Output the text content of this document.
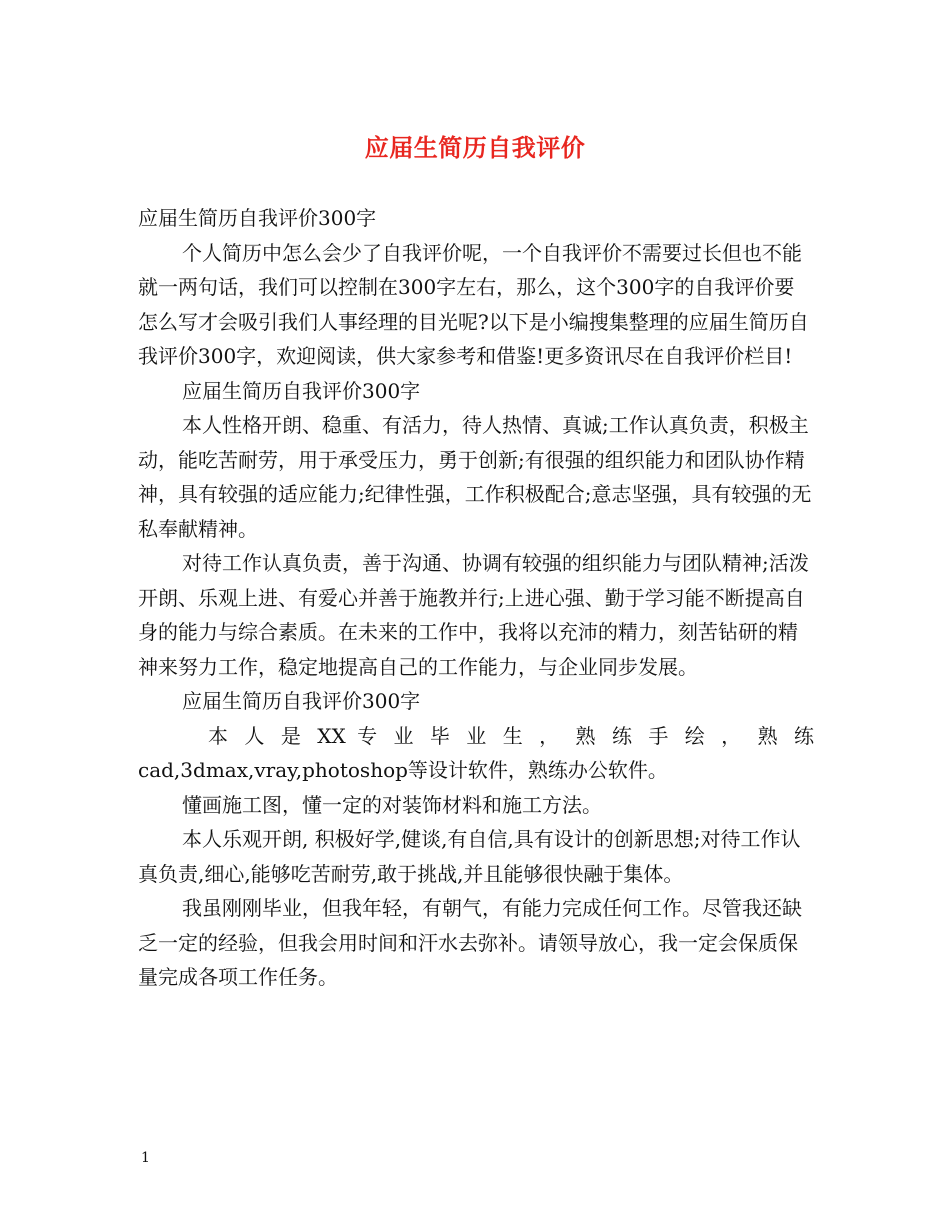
应届生简历自我评价

应届生简历自我评价300字

个人简历中怎么会少了自我评价呢，一个自我评价不需要过长但也不能就一两句话，我们可以控制在300字左右，那么，这个300字的自我评价要怎么写才会吸引我们人事经理的目光呢?以下是小编搜集整理的应届生简历自我评价300字，欢迎阅读，供大家参考和借鉴!更多资讯尽在自我评价栏目!

应届生简历自我评价300字

本人性格开朗、稳重、有活力，待人热情、真诚;工作认真负责，积极主动，能吃苦耐劳，用于承受压力，勇于创新;有很强的组织能力和团队协作精神，具有较强的适应能力;纪律性强，工作积极配合;意志坚强，具有较强的无私奉献精神。

对待工作认真负责，善于沟通、协调有较强的组织能力与团队精神;活泼开朗、乐观上进、有爱心并善于施教并行;上进心强、勤于学习能不断提高自身的能力与综合素质。在未来的工作中，我将以充沛的精力，刻苦钻研的精神来努力工作，稳定地提高自己的工作能力，与企业同步发展。

应届生简历自我评价300字

本 人 是 XX 专 业 毕 业 生 ， 熟 练 手 绘 ， 熟 练

cad,3dmax,vray,photoshop等设计软件，熟练办公软件。

懂画施工图，懂一定的对装饰材料和施工方法。

本人乐观开朗, 积极好学,健谈,有自信,具有设计的创新思想;对待工作认真负责,细心,能够吃苦耐劳,敢于挑战,并且能够很快融于集体。

我虽刚刚毕业，但我年轻，有朝气，有能力完成任何工作。尽管我还缺乏一定的经验，但我会用时间和汗水去弥补。请领导放心，我一定会保质保量完成各项工作任务。

1
